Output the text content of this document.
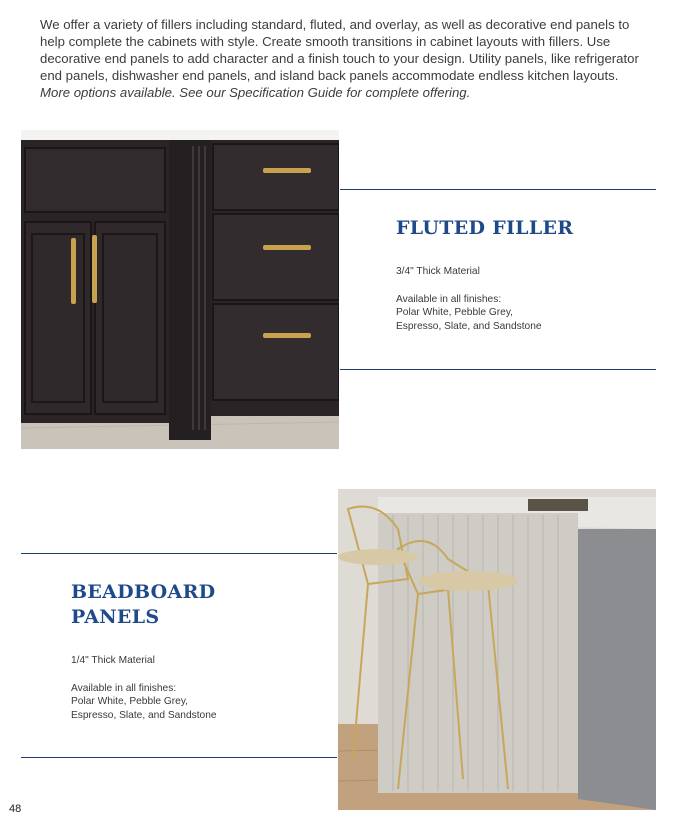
We offer a variety of fillers including standard, fluted, and overlay, as well as decorative end panels to help complete the cabinets with style. Create smooth transitions in cabinet layouts with fillers. Use decorative end panels to add character and a finish touch to your design. Utility panels, like refrigerator end panels, dishwasher end panels, and island back panels accommodate endless kitchen layouts. More options available. See our Specification Guide for complete offering.
FLUTED FILLER

3/4" Thick Material

Available in all finishes:

Polar White, Pebble Grey,

Espresso, Slate, and Sandstone

BEADBOARD
PANELS

1/4" Thick Material

Available in all finishes:

Polar White, Pebble Grey,

Espresso, Slate, and Sandstone

48
